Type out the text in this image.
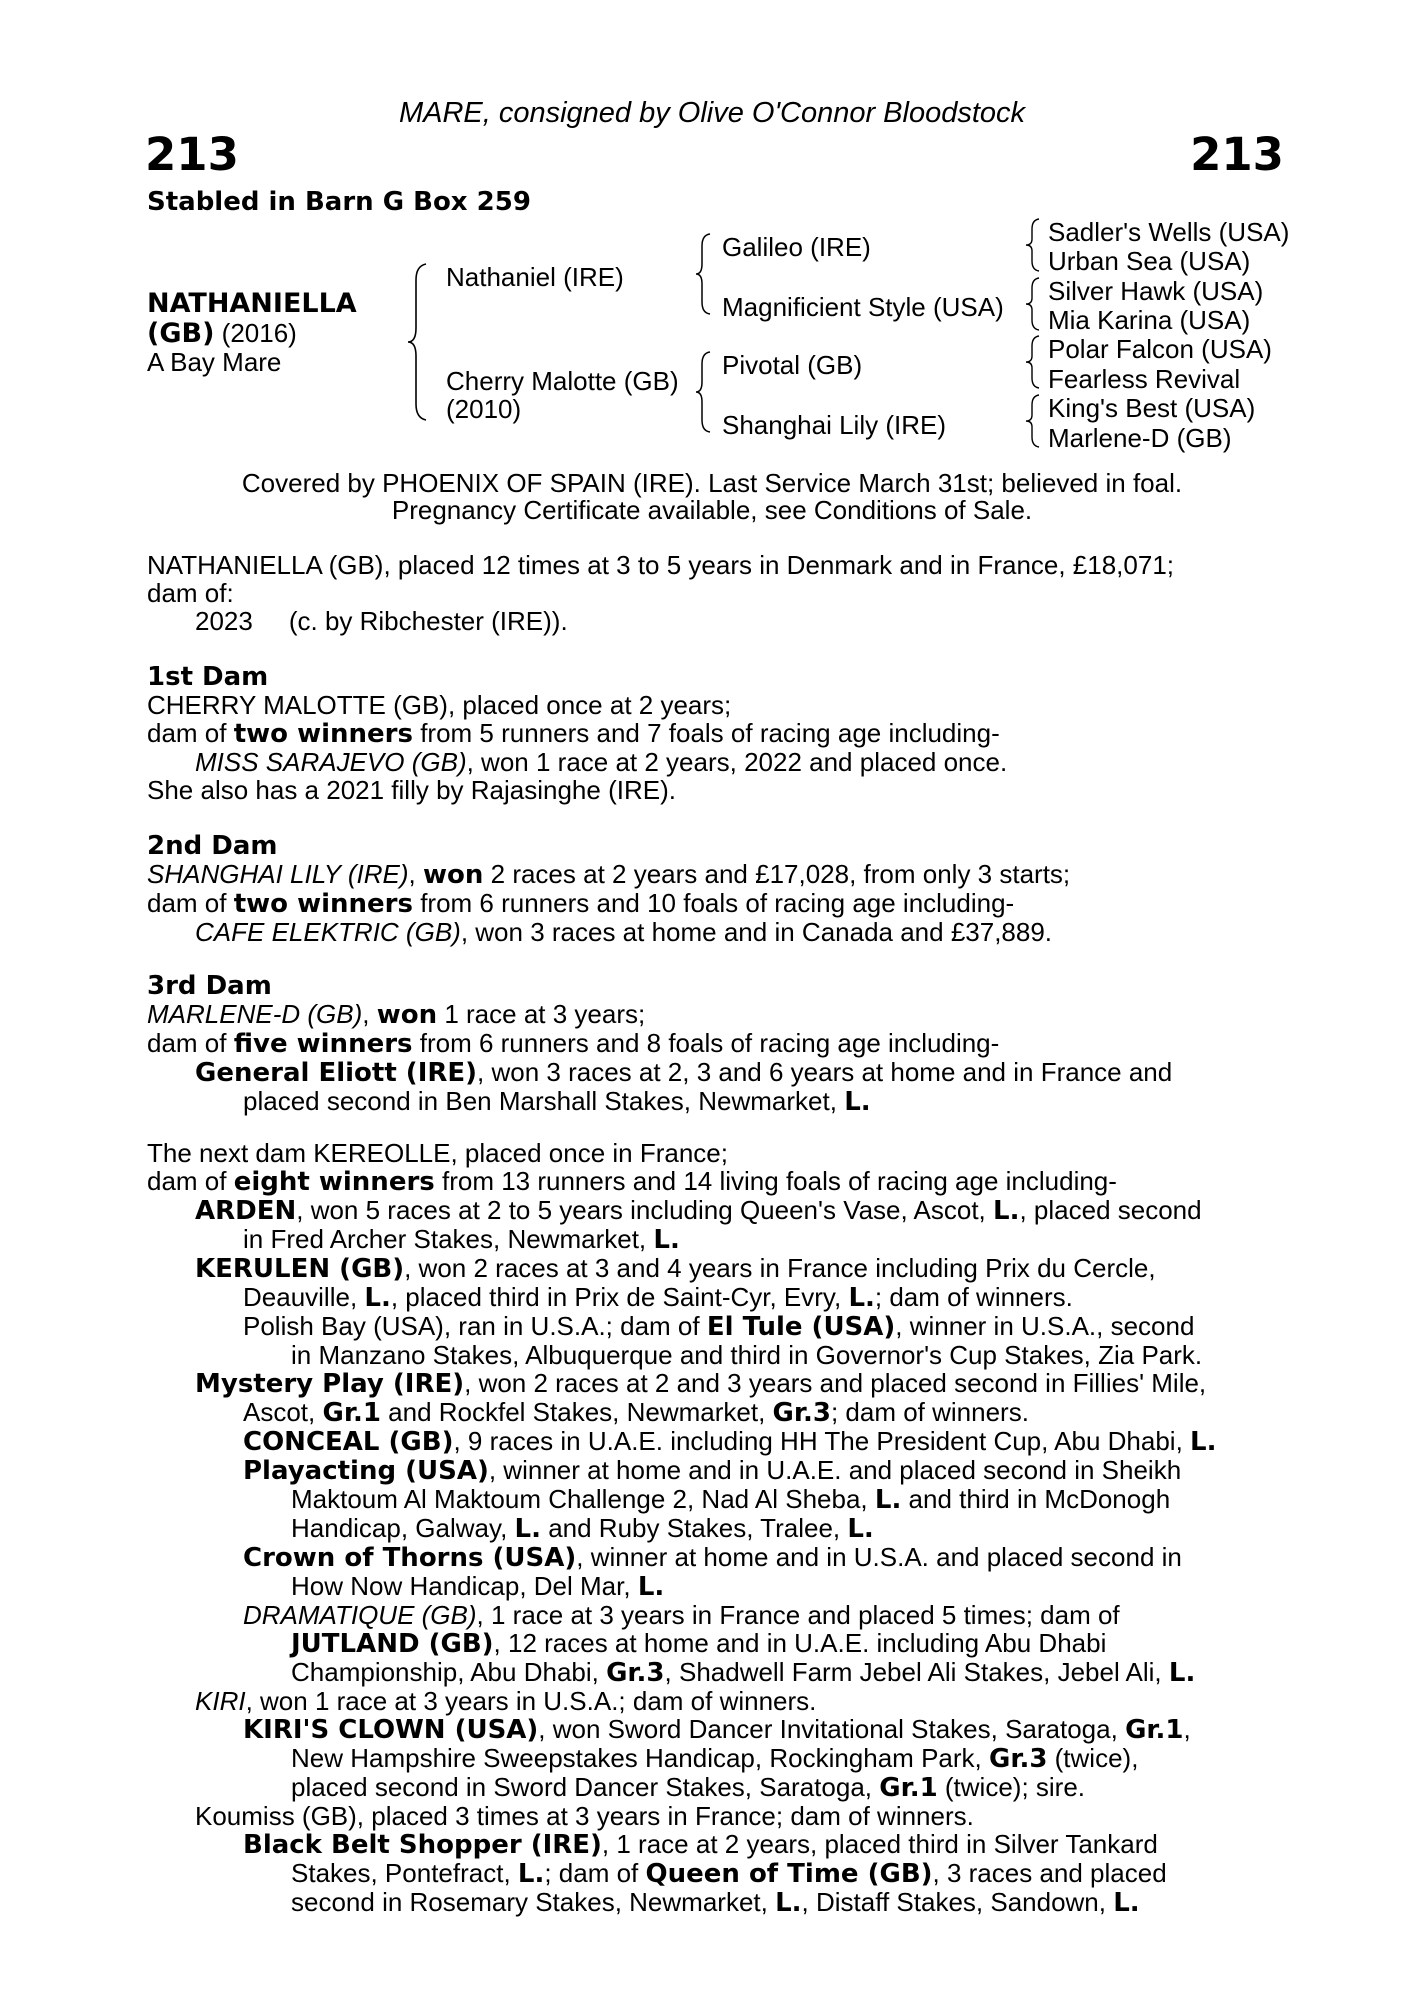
MARE, consigned by Olive O'Connor Bloodstock
213	213
Stabled in Barn G Box 259
NATHANIELLA
(GB) (2016)
A Bay Mare
Nathaniel (IRE)
Cherry Malotte (GB)
(2010)
Galileo (IRE)
Magnificient Style (USA)
Pivotal (GB)
Shanghai Lily (IRE)
Sadler's Wells (USA)
Urban Sea (USA)
Silver Hawk (USA)
Mia Karina (USA)
Polar Falcon (USA)
Fearless Revival
King's Best (USA)
Marlene-D (GB)
Covered by PHOENIX OF SPAIN (IRE). Last Service March 31st; believed in foal.
Pregnancy Certificate available, see Conditions of Sale.
NATHANIELLA (GB), placed 12 times at 3 to 5 years in Denmark and in France, £18,071;
dam of:
2023 (c. by Ribchester (IRE)).
1st Dam
CHERRY MALOTTE (GB), placed once at 2 years;
dam of two winners from 5 runners and 7 foals of racing age including-
MISS SARAJEVO (GB), won 1 race at 2 years, 2022 and placed once.
She also has a 2021 filly by Rajasinghe (IRE).
2nd Dam
SHANGHAI LILY (IRE), won 2 races at 2 years and £17,028, from only 3 starts;
dam of two winners from 6 runners and 10 foals of racing age including-
CAFE ELEKTRIC (GB), won 3 races at home and in Canada and £37,889.
3rd Dam
MARLENE-D (GB), won 1 race at 3 years;
dam of five winners from 6 runners and 8 foals of racing age including-
General Eliott (IRE), won 3 races at 2, 3 and 6 years at home and in France and
placed second in Ben Marshall Stakes, Newmarket, L.
The next dam KEREOLLE, placed once in France;
dam of eight winners from 13 runners and 14 living foals of racing age including-
ARDEN, won 5 races at 2 to 5 years including Queen's Vase, Ascot, L., placed second
in Fred Archer Stakes, Newmarket, L.
KERULEN (GB), won 2 races at 3 and 4 years in France including Prix du Cercle,
Deauville, L., placed third in Prix de Saint-Cyr, Evry, L.; dam of winners.
Polish Bay (USA), ran in U.S.A.; dam of El Tule (USA), winner in U.S.A., second
in Manzano Stakes, Albuquerque and third in Governor's Cup Stakes, Zia Park.
Mystery Play (IRE), won 2 races at 2 and 3 years and placed second in Fillies' Mile,
Ascot, Gr.1 and Rockfel Stakes, Newmarket, Gr.3; dam of winners.
CONCEAL (GB), 9 races in U.A.E. including HH The President Cup, Abu Dhabi, L.
Playacting (USA), winner at home and in U.A.E. and placed second in Sheikh
Maktoum Al Maktoum Challenge 2, Nad Al Sheba, L. and third in McDonogh
Handicap, Galway, L. and Ruby Stakes, Tralee, L.
Crown of Thorns (USA), winner at home and in U.S.A. and placed second in
How Now Handicap, Del Mar, L.
DRAMATIQUE (GB), 1 race at 3 years in France and placed 5 times; dam of
JUTLAND (GB), 12 races at home and in U.A.E. including Abu Dhabi
Championship, Abu Dhabi, Gr.3, Shadwell Farm Jebel Ali Stakes, Jebel Ali, L.
KIRI, won 1 race at 3 years in U.S.A.; dam of winners.
KIRI'S CLOWN (USA), won Sword Dancer Invitational Stakes, Saratoga, Gr.1,
New Hampshire Sweepstakes Handicap, Rockingham Park, Gr.3 (twice),
placed second in Sword Dancer Stakes, Saratoga, Gr.1 (twice); sire.
Koumiss (GB), placed 3 times at 3 years in France; dam of winners.
Black Belt Shopper (IRE), 1 race at 2 years, placed third in Silver Tankard
Stakes, Pontefract, L.; dam of Queen of Time (GB), 3 races and placed
second in Rosemary Stakes, Newmarket, L., Distaff Stakes, Sandown, L.
